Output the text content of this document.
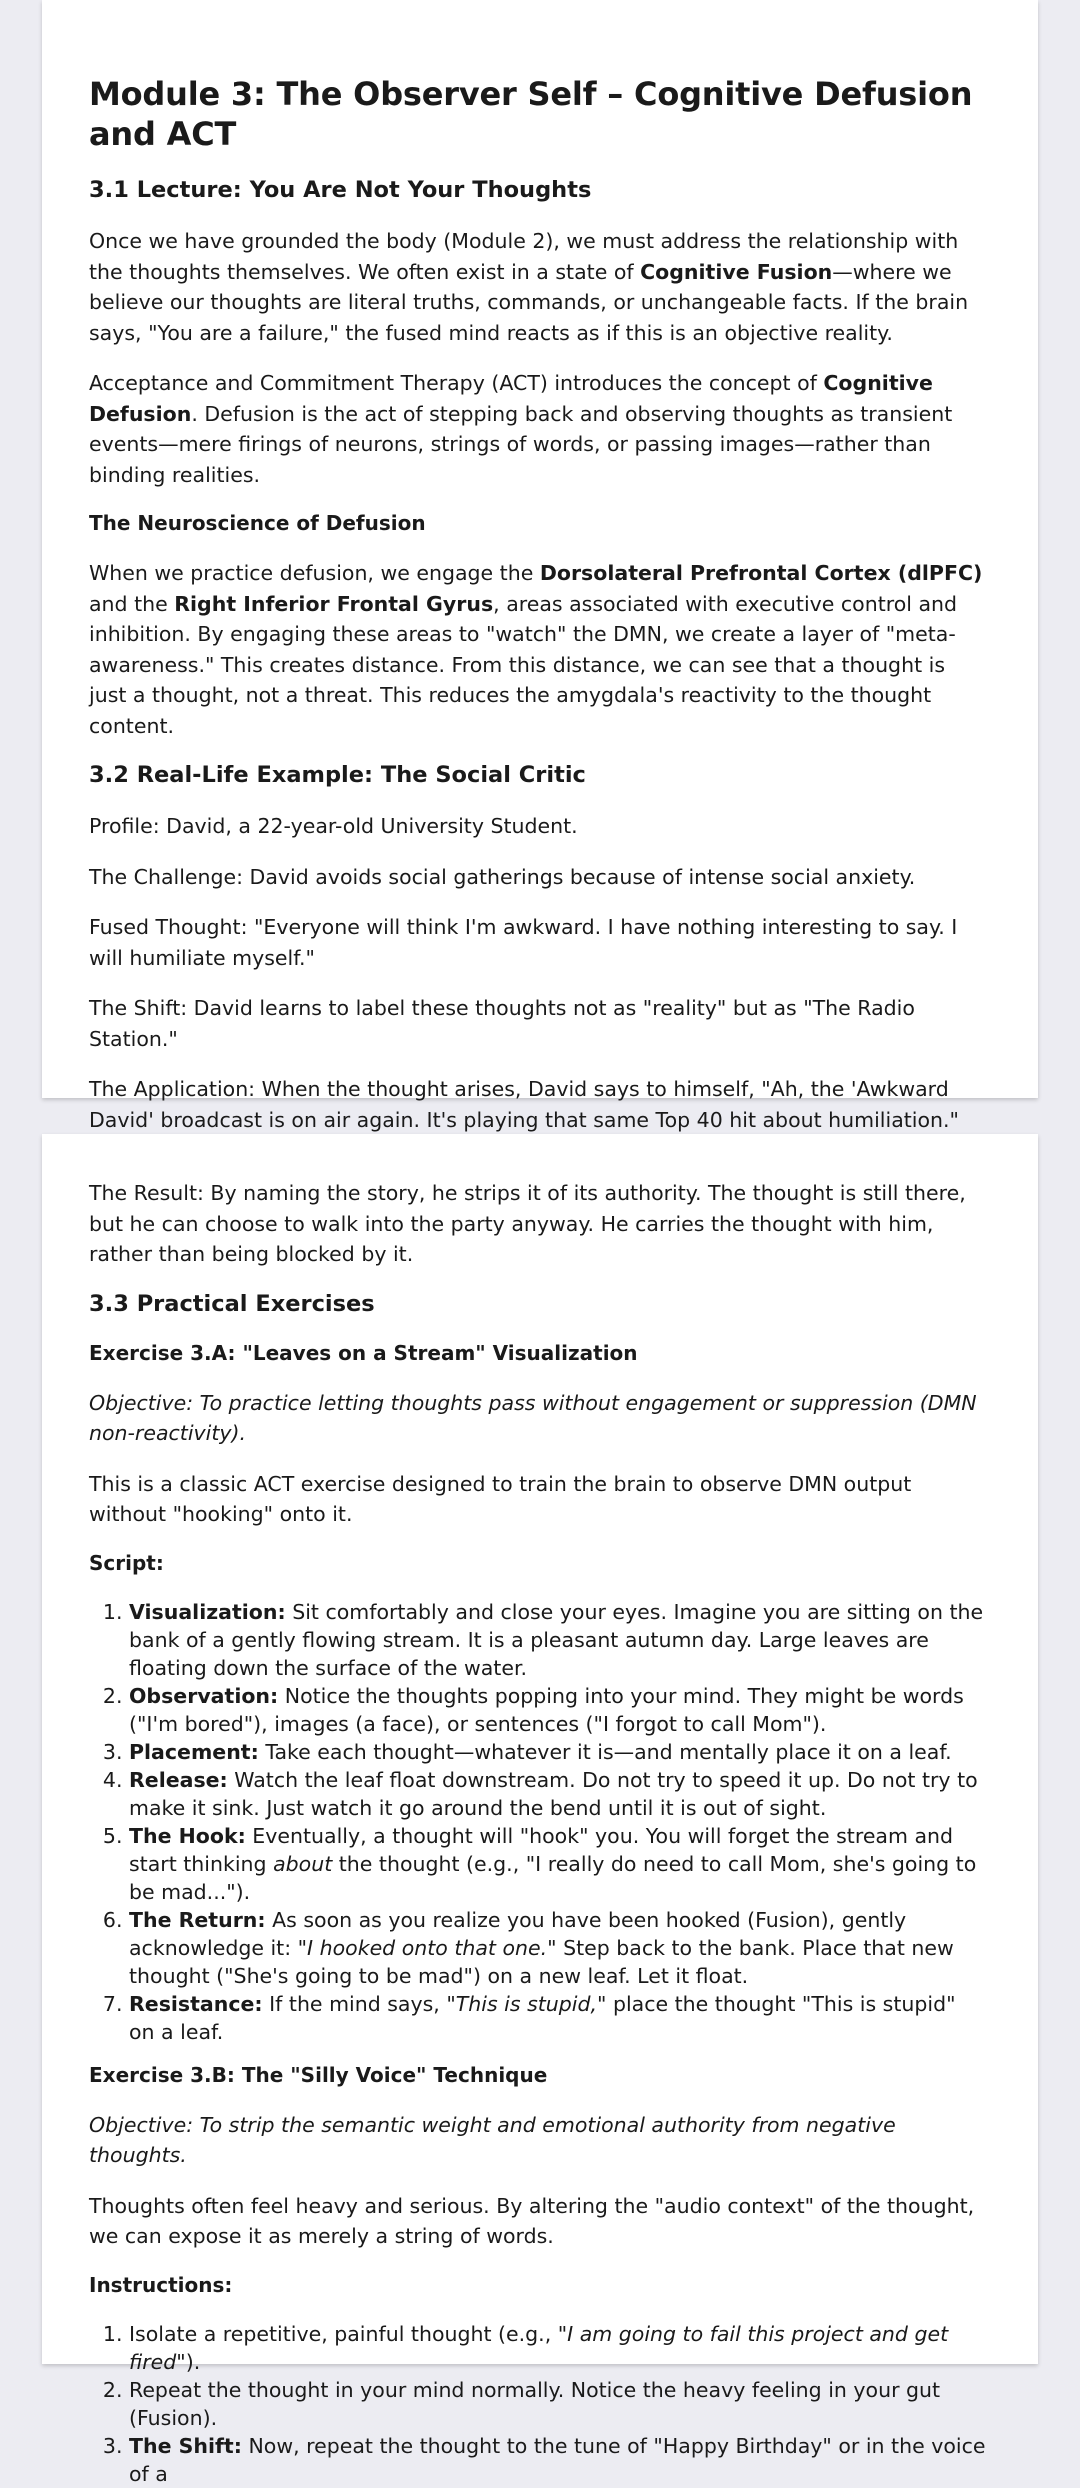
Module 3: The Observer Self – Cognitive Defusion and ACT
3.1 Lecture: You Are Not Your Thoughts

Once we have grounded the body (Module 2), we must address the relationship with the thoughts themselves. We often exist in a state of Cognitive Fusion—where we believe our thoughts are literal truths, commands, or unchangeable facts. If the brain says, "You are a failure," the fused mind reacts as if this is an objective reality.

Acceptance and Commitment Therapy (ACT) introduces the concept of Cognitive Defusion. Defusion is the act of stepping back and observing thoughts as transient events—mere firings of neurons, strings of words, or passing images—rather than binding realities.

The Neuroscience of Defusion

When we practice defusion, we engage the Dorsolateral Prefrontal Cortex (dlPFC) and the Right Inferior Frontal Gyrus, areas associated with executive control and inhibition. By engaging these areas to "watch" the DMN, we create a layer of "meta-awareness." This creates distance. From this distance, we can see that a thought is just a thought, not a threat. This reduces the amygdala's reactivity to the thought content.

3.2 Real-Life Example: The Social Critic

Profile: David, a 22-year-old University Student.

The Challenge: David avoids social gatherings because of intense social anxiety.

Fused Thought: "Everyone will think I'm awkward. I have nothing interesting to say. I will humiliate myself."

The Shift: David learns to label these thoughts not as "reality" but as "The Radio Station."

The Application: When the thought arises, David says to himself, "Ah, the 'Awkward David' broadcast is on air again. It's playing that same Top 40 hit about humiliation."

The Result: By naming the story, he strips it of its authority. The thought is still there, but he can choose to walk into the party anyway. He carries the thought with him, rather than being blocked by it.

3.3 Practical Exercises
Exercise 3.A: "Leaves on a Stream" Visualization

Objective: To practice letting thoughts pass without engagement or suppression (DMN non-reactivity).

This is a classic ACT exercise designed to train the brain to observe DMN output without "hooking" onto it.

Script:
1. Visualization: Sit comfortably and close your eyes. Imagine you are sitting on the bank of a gently flowing stream. It is a pleasant autumn day. Large leaves are floating down the surface of the water.
2. Observation: Notice the thoughts popping into your mind. They might be words ("I'm bored"), images (a face), or sentences ("I forgot to call Mom").
3. Placement: Take each thought—whatever it is—and mentally place it on a leaf.
4. Release: Watch the leaf float downstream. Do not try to speed it up. Do not try to make it sink. Just watch it go around the bend until it is out of sight.
5. The Hook: Eventually, a thought will "hook" you. You will forget the stream and start thinking about the thought (e.g., "I really do need to call Mom, she's going to be mad...").
6. The Return: As soon as you realize you have been hooked (Fusion), gently acknowledge it: "I hooked onto that one." Step back to the bank. Place that new thought ("She's going to be mad") on a new leaf. Let it float.
7. Resistance: If the mind says, "This is stupid," place the thought "This is stupid" on a leaf.
Exercise 3.B: The "Silly Voice" Technique

Objective: To strip the semantic weight and emotional authority from negative thoughts.

Thoughts often feel heavy and serious. By altering the "audio context" of the thought, we can expose it as merely a string of words.

Instructions:
1. Isolate a repetitive, painful thought (e.g., "I am going to fail this project and get fired").
2. Repeat the thought in your mind normally. Notice the heavy feeling in your gut (Fusion).
3. The Shift: Now, repeat the thought to the tune of "Happy Birthday" or in the voice of a
